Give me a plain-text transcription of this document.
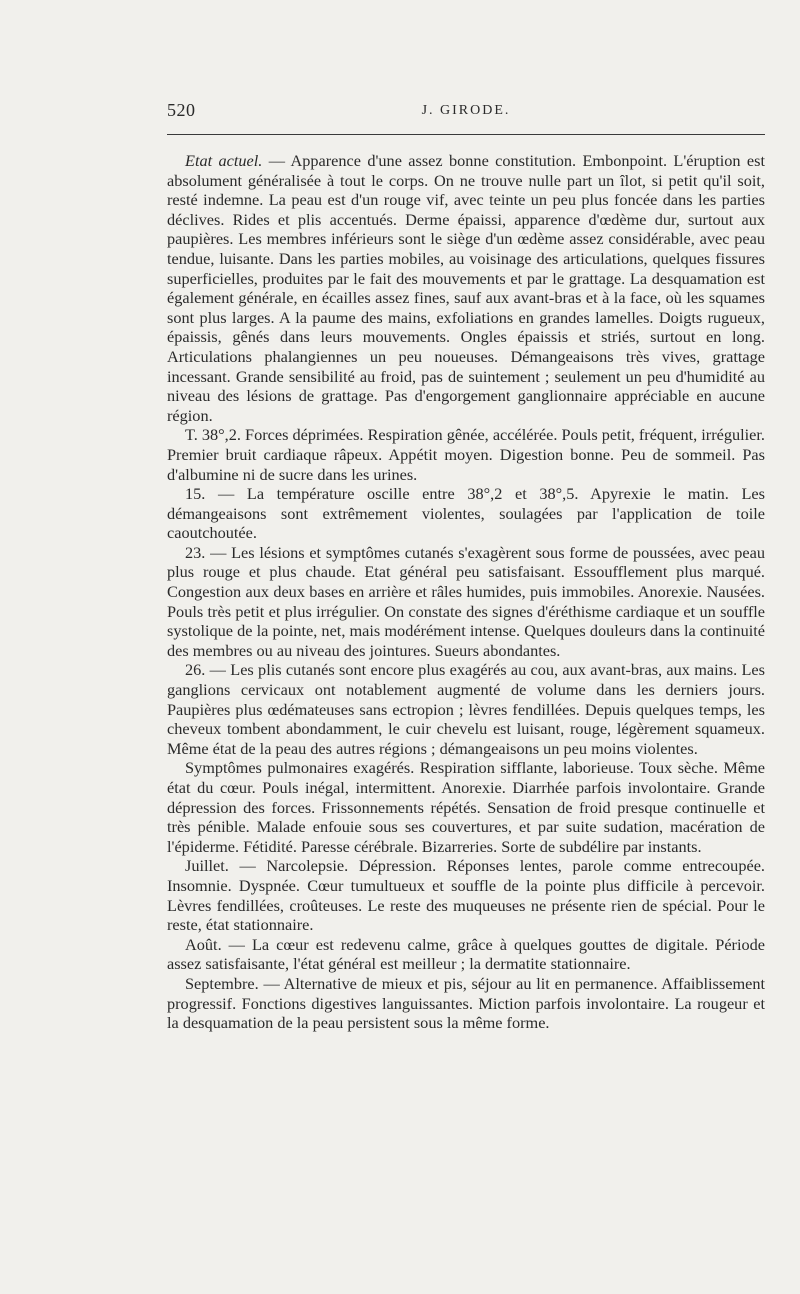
520	J. GIRODE.

Etat actuel. — Apparence d'une assez bonne constitution. Embonpoint. L'éruption est absolument généralisée à tout le corps. On ne trouve nulle part un îlot, si petit qu'il soit, resté indemne. La peau est d'un rouge vif, avec teinte un peu plus foncée dans les parties déclives. Rides et plis accentués. Derme épaissi, apparence d'œdème dur, surtout aux paupières. Les membres inférieurs sont le siège d'un œdème assez considérable, avec peau tendue, luisante. Dans les parties mobiles, au voisinage des articulations, quelques fissures superficielles, produites par le fait des mouvements et par le grattage. La desquamation est également générale, en écailles assez fines, sauf aux avant-bras et à la face, où les squames sont plus larges. A la paume des mains, exfoliations en grandes lamelles. Doigts rugueux, épaissis, gênés dans leurs mouvements. Ongles épaissis et striés, surtout en long. Articulations phalangiennes un peu noueuses. Démangeaisons très vives, grattage incessant. Grande sensibilité au froid, pas de suintement ; seulement un peu d'humidité au niveau des lésions de grattage. Pas d'engorgement ganglionnaire appréciable en aucune région.

T. 38°,2. Forces déprimées. Respiration gênée, accélérée. Pouls petit, fréquent, irrégulier. Premier bruit cardiaque râpeux. Appétit moyen. Digestion bonne. Peu de sommeil. Pas d'albumine ni de sucre dans les urines.

15. — La température oscille entre 38°,2 et 38°,5. Apyrexie le matin. Les démangeaisons sont extrêmement violentes, soulagées par l'application de toile caoutchoutée.

23. — Les lésions et symptômes cutanés s'exagèrent sous forme de poussées, avec peau plus rouge et plus chaude. Etat général peu satisfaisant. Essoufflement plus marqué. Congestion aux deux bases en arrière et râles humides, puis immobiles. Anorexie. Nausées. Pouls très petit et plus irrégulier. On constate des signes d'éréthisme cardiaque et un souffle systolique de la pointe, net, mais modérément intense. Quelques douleurs dans la continuité des membres ou au niveau des jointures. Sueurs abondantes.

26. — Les plis cutanés sont encore plus exagérés au cou, aux avant-bras, aux mains. Les ganglions cervicaux ont notablement augmenté de volume dans les derniers jours. Paupières plus œdémateuses sans ectropion ; lèvres fendillées. Depuis quelques temps, les cheveux tombent abondamment, le cuir chevelu est luisant, rouge, légèrement squameux. Même état de la peau des autres régions ; démangeaisons un peu moins violentes.

Symptômes pulmonaires exagérés. Respiration sifflante, laborieuse. Toux sèche. Même état du cœur. Pouls inégal, intermittent. Anorexie. Diarrhée parfois involontaire. Grande dépression des forces. Frissonnements répétés. Sensation de froid presque continuelle et très pénible. Malade enfouie sous ses couvertures, et par suite sudation, macération de l'épiderme. Fétidité. Paresse cérébrale. Bizarreries. Sorte de subdélire par instants.

Juillet. — Narcolepsie. Dépression. Réponses lentes, parole comme entrecoupée. Insomnie. Dyspnée. Cœur tumultueux et souffle de la pointe plus difficile à percevoir. Lèvres fendillées, croûteuses. Le reste des muqueuses ne présente rien de spécial. Pour le reste, état stationnaire.

Août. — La cœur est redevenu calme, grâce à quelques gouttes de digitale. Période assez satisfaisante, l'état général est meilleur ; la dermatite stationnaire.

Septembre. — Alternative de mieux et pis, séjour au lit en permanence. Affaiblissement progressif. Fonctions digestives languissantes. Miction parfois involontaire. La rougeur et la desquamation de la peau persistent sous la même forme.
